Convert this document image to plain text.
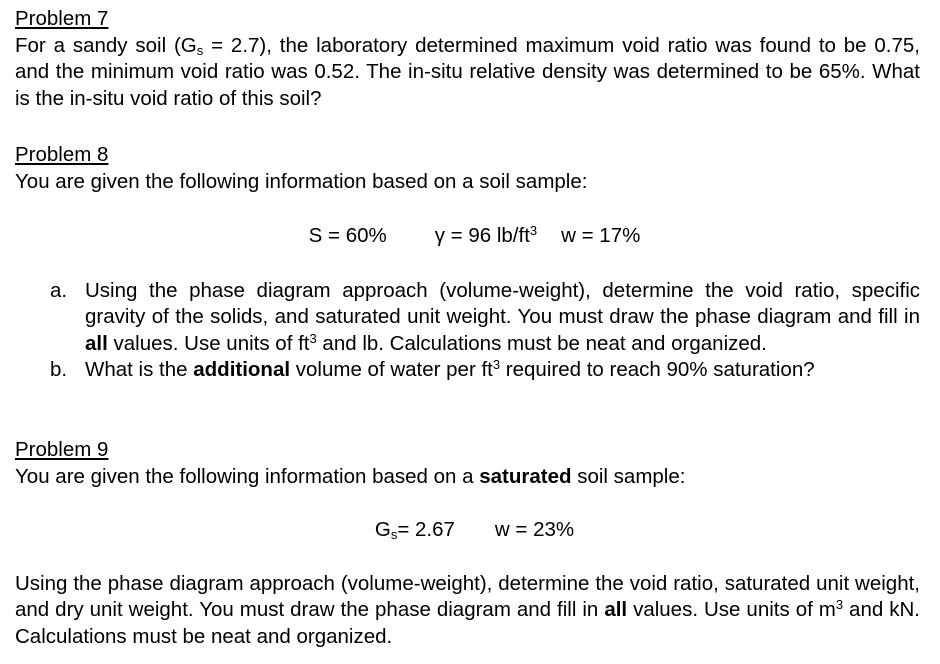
Problem 7
For a sandy soil $(G_s = 2.7)$, the laboratory determined maximum void ratio was found to be 0.75, and the minimum void ratio was 0.52. The in-situ relative density was determined to be 65%. What is the in-situ void ratio of this soil?
Problem 8
You are given the following information based on a soil sample:
S = 60% γ = 96 $lb/ft^3$ w = 17%
a. Using the phase diagram approach (volume-weight), determine the void ratio, specific gravity of the solids, and saturated unit weight. You must draw the phase diagram and fill in all values. Use units of $ft^3$ and lb. Calculations must be neat and organized.
b. What is the additional volume of water per $ft^3$ required to reach 90% saturation?
Problem 9
You are given the following information based on a saturated soil sample:
$G_s= 2.67$ w = 23%
Using the phase diagram approach (volume-weight), determine the void ratio, saturated unit weight, and dry unit weight. You must draw the phase diagram and fill in all values. Use units of $m^3$ and kN. Calculations must be neat and organized.
